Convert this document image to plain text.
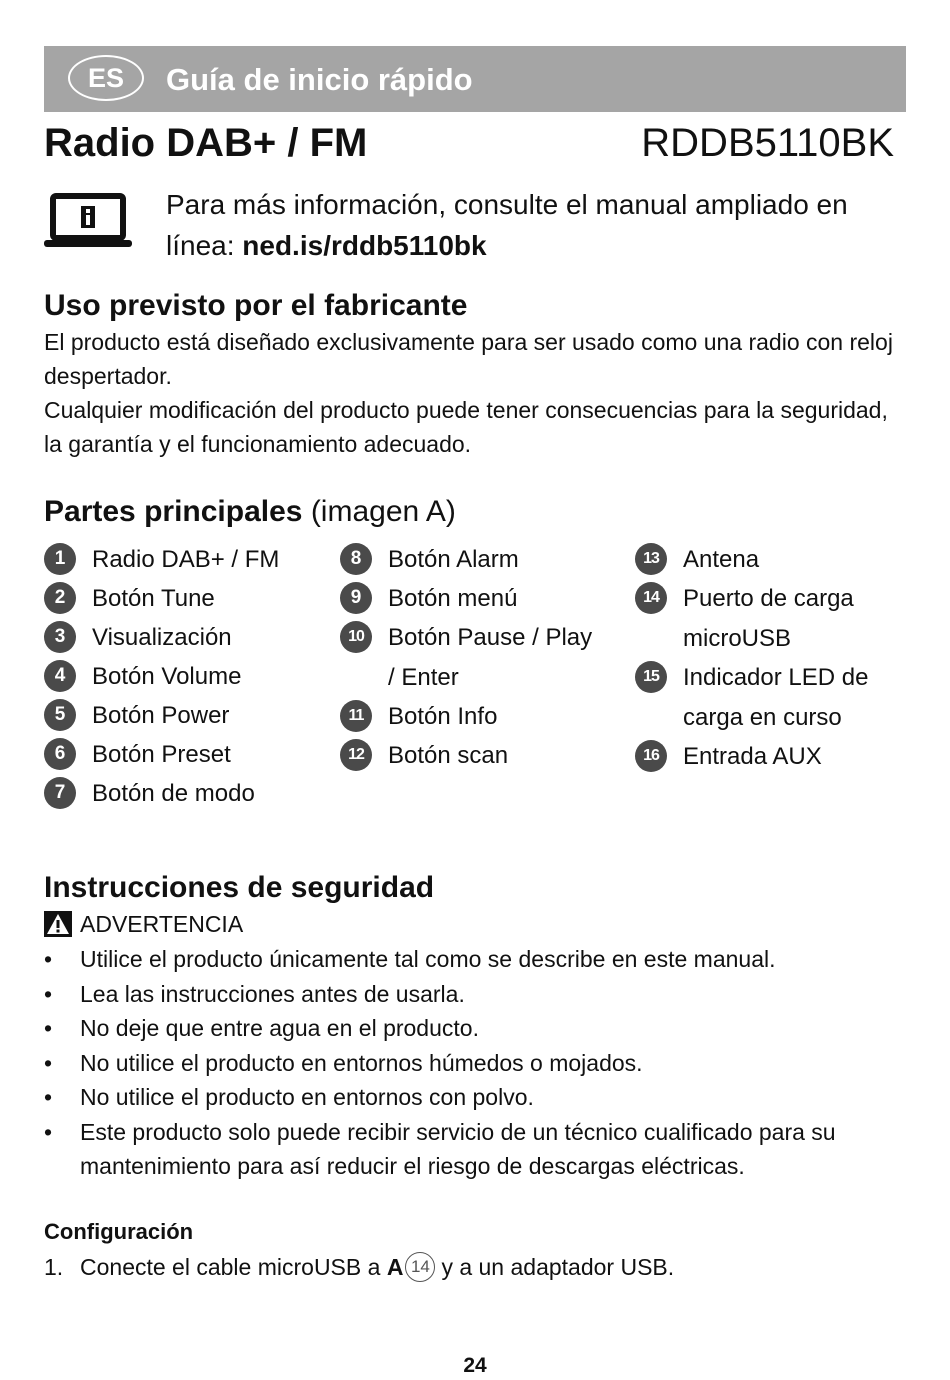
ES	Guía de inicio rápido
Radio DAB+ / FM	RDDB5110BK
Para más información, consulte el manual ampliado en línea: ned.is/rddb5110bk
Uso previsto por el fabricante
El producto está diseñado exclusivamente para ser usado como una radio con reloj despertador.
Cualquier modificación del producto puede tener consecuencias para la seguridad, la garantía y el funcionamiento adecuado.
Partes principales (imagen A)
1	Radio DAB+ / FM
2	Botón Tune
3	Visualización
4	Botón Volume
5	Botón Power
6	Botón Preset
7	Botón de modo
8	Botón Alarm
9	Botón menú
10	Botón Pause / Play / Enter
11	Botón Info
12	Botón scan
13	Antena
14	Puerto de carga microUSB
15	Indicador LED de carga en curso
16	Entrada AUX
Instrucciones de seguridad
ADVERTENCIA
• Utilice el producto únicamente tal como se describe en este manual.
• Lea las instrucciones antes de usarla.
• No deje que entre agua en el producto.
• No utilice el producto en entornos húmedos o mojados.
• No utilice el producto en entornos con polvo.
• Este producto solo puede recibir servicio de un técnico cualificado para su mantenimiento para así reducir el riesgo de descargas eléctricas.
Configuración
1. Conecte el cable microUSB a
A 14 y a un adaptador USB.
24
